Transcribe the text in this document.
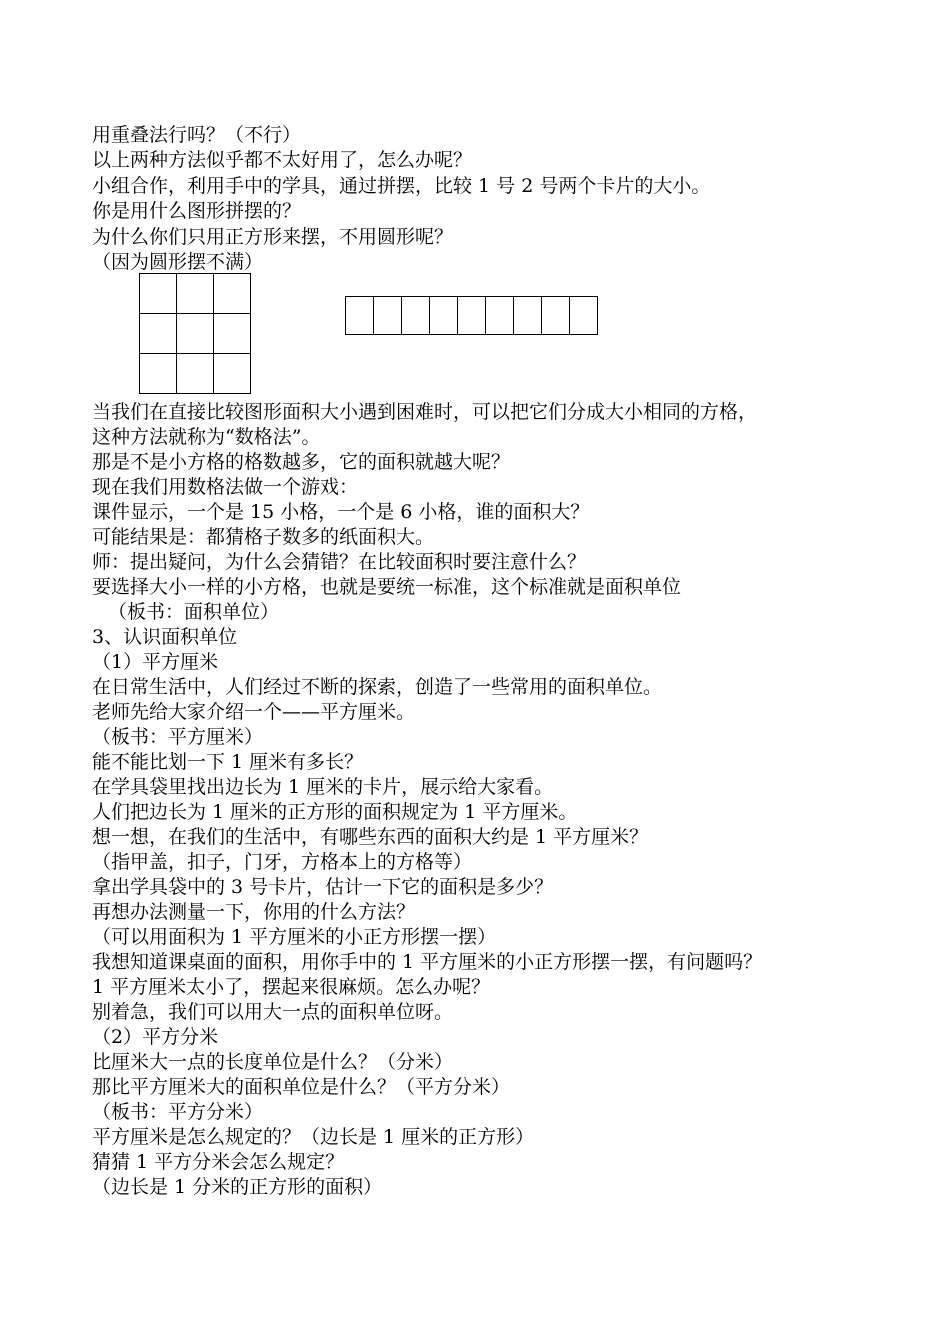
用重叠法行吗？（不行）
以上两种方法似乎都不太好用了，怎么办呢？
小组合作，利用手中的学具，通过拼摆，比较 1 号 2 号两个卡片的大小。
你是用什么图形拼摆的？
为什么你们只用正方形来摆，不用圆形呢？
（因为圆形摆不满）

当我们在直接比较图形面积大小遇到困难时，可以把它们分成大小相同的方格，
这种方法就称为“数格法”。
那是不是小方格的格数越多，它的面积就越大呢？
现在我们用数格法做一个游戏：
课件显示，一个是 15 小格，一个是 6 小格，谁的面积大？
可能结果是：都猜格子数多的纸面积大。
师：提出疑问，为什么会猜错？在比较面积时要注意什么？
要选择大小一样的小方格，也就是要统一标准，这个标准就是面积单位
（板书：面积单位）
3、认识面积单位
（1）平方厘米
在日常生活中，人们经过不断的探索，创造了一些常用的面积单位。
老师先给大家介绍一个——平方厘米。
（板书：平方厘米）
能不能比划一下 1 厘米有多长？
在学具袋里找出边长为 1 厘米的卡片，展示给大家看。
人们把边长为 1 厘米的正方形的面积规定为 1 平方厘米。
想一想，在我们的生活中，有哪些东西的面积大约是 1 平方厘米？
（指甲盖，扣子，门牙，方格本上的方格等）
拿出学具袋中的 3 号卡片，估计一下它的面积是多少？
再想办法测量一下，你用的什么方法？
（可以用面积为 1 平方厘米的小正方形摆一摆）
我想知道课桌面的面积，用你手中的 1 平方厘米的小正方形摆一摆，有问题吗？
1 平方厘米太小了，摆起来很麻烦。怎么办呢？
别着急，我们可以用大一点的面积单位呀。
（2）平方分米
比厘米大一点的长度单位是什么？（分米）
那比平方厘米大的面积单位是什么？（平方分米）
（板书：平方分米）
平方厘米是怎么规定的？（边长是 1 厘米的正方形）
猜猜 1 平方分米会怎么规定？
（边长是 1 分米的正方形的面积）
